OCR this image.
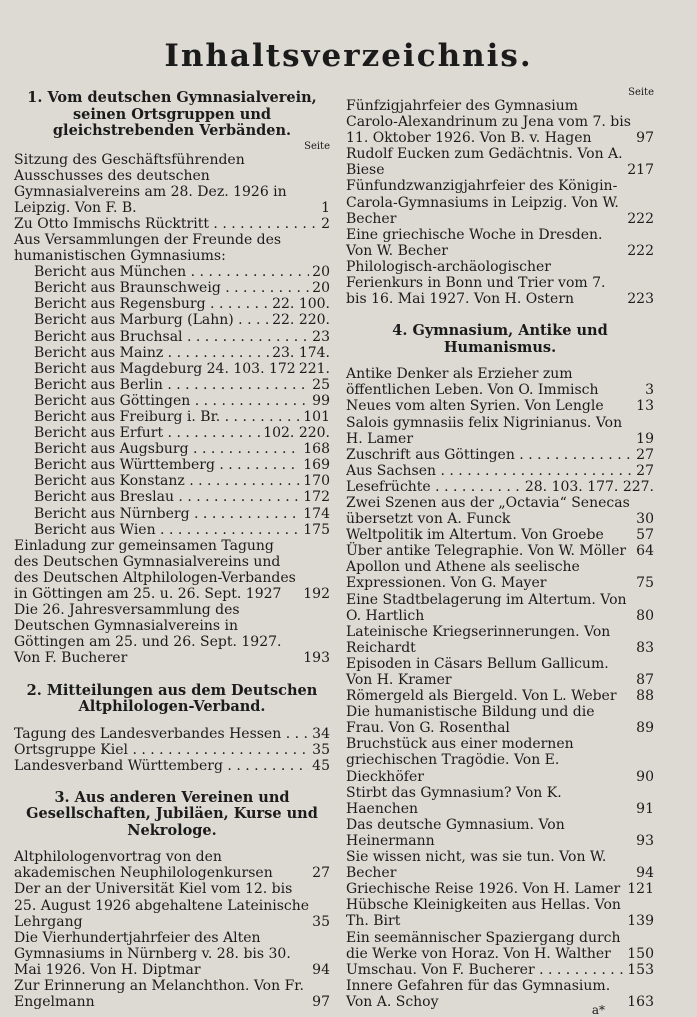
Inhaltsverzeichnis.
1. Vom deutschen Gymnasialverein, seinen Ortsgruppen und gleichstrebenden Verbänden.
Seite
Sitzung des Geschäftsführenden Ausschusses des deutschen Gymnasialvereins am 28. Dez. 1926 in Leipzig. Von F. B.	1
Zu Otto Immischs Rücktritt . . .	2
Aus Versammlungen der Freunde des humanistischen Gymnasiums:
Bericht aus München . . .	20
Bericht aus Braunschweig . . .	20
Bericht aus Regensburg . . .	22. 100.
Bericht aus Marburg (Lahn) . . .	22. 220.
Bericht aus Bruchsal . . .	23
Bericht aus Mainz . . .	23. 174.
Bericht aus Magdeburg 24. 103. 172 221.
Bericht aus Berlin . . .	25
Bericht aus Göttingen . . .	99
Bericht aus Freiburg i. Br. . . .	101
Bericht aus Erfurt . . .	102. 220.
Bericht aus Augsburg . . .	168
Bericht aus Württemberg . . .	169
Bericht aus Konstanz . . .	170
Bericht aus Breslau . . .	172
Bericht aus Nürnberg . . .	174
Bericht aus Wien . . .	175
Einladung zur gemeinsamen Tagung des Deutschen Gymnasialvereins und des Deutschen Altphilologen-Verbandes in Göttingen am 25. u. 26. Sept. 1927	192
Die 26. Jahresversammlung des Deutschen Gymnasialvereins in Göttingen am 25. und 26. Sept. 1927. Von F. Bucherer	193
2. Mitteilungen aus dem Deutschen Altphilologen-Verband.
Tagung des Landesverbandes Hessen . . .	34
Ortsgruppe Kiel . . .	35
Landesverband Württemberg . . .	45
3. Aus anderen Vereinen und Gesellschaften, Jubiläen, Kurse und Nekrologe.
Altphilologenvortrag von den akademischen Neuphilologenkursen	27
Der an der Universität Kiel vom 12. bis 25. August 1926 abgehaltene Lateinische Lehrgang	35
Die Vierhundertjahrfeier des Alten Gymnasiums in Nürnberg v. 28. bis 30. Mai 1926. Von H. Diptmar	94
Zur Erinnerung an Melanchthon. Von Fr. Engelmann	97
Seite
Fünfzigjahrfeier des Gymnasium Carolo-Alexandrinum zu Jena vom 7. bis 11. Oktober 1926. Von B. v. Hagen	97
Rudolf Eucken zum Gedächtnis. Von A. Biese	217
Fünfundzwanzigjahrfeier des Königin-Carola-Gymnasiums in Leipzig. Von W. Becher	222
Eine griechische Woche in Dresden. Von W. Becher	222
Philologisch-archäologischer Ferienkurs in Bonn und Trier vom 7. bis 16. Mai 1927. Von H. Ostern	223
4. Gymnasium, Antike und Humanismus.
Antike Denker als Erzieher zum öffentlichen Leben. Von O. Immisch	3
Neues vom alten Syrien. Von Lengle	13
Salois gymnasiis felix Nigrinianus. Von H. Lamer	19
Zuschrift aus Göttingen . . .	27
Aus Sachsen . . .	27
Lesefrüchte . . .	28. 103. 177. 227.
Zwei Szenen aus der „Octavia“ Senecas übersetzt von A. Funck	30
Weltpolitik im Altertum. Von Groebe	57
Über antike Telegraphie. Von W. Möller 64
Apollon und Athene als seelische Expressionen. Von G. Mayer	75
Eine Stadtbelagerung im Altertum. Von O. Hartlich	80
Lateinische Kriegserinnerungen. Von Reichardt	83
Episoden in Cäsars Bellum Gallicum. Von H. Kramer	87
Römergeld als Biergeld. Von L. Weber	88
Die humanistische Bildung und die Frau. Von G. Rosenthal	89
Bruchstück aus einer modernen griechischen Tragödie. Von E. Dieckhöfer	90
Stirbt das Gymnasium? Von K. Haenchen	91
Das deutsche Gymnasium. Von Heinermann	93
Sie wissen nicht, was sie tun. Von W. Becher	94
Griechische Reise 1926. Von H. Lamer 121
Hübsche Kleinigkeiten aus Hellas. Von Th. Birt	139
Ein seemännischer Spaziergang durch die Werke von Horaz. Von H. Walther	150
Umschau. Von F. Bucherer . . .	153
Innere Gefahren für das Gymnasium. Von A. Schoy	163
a*
